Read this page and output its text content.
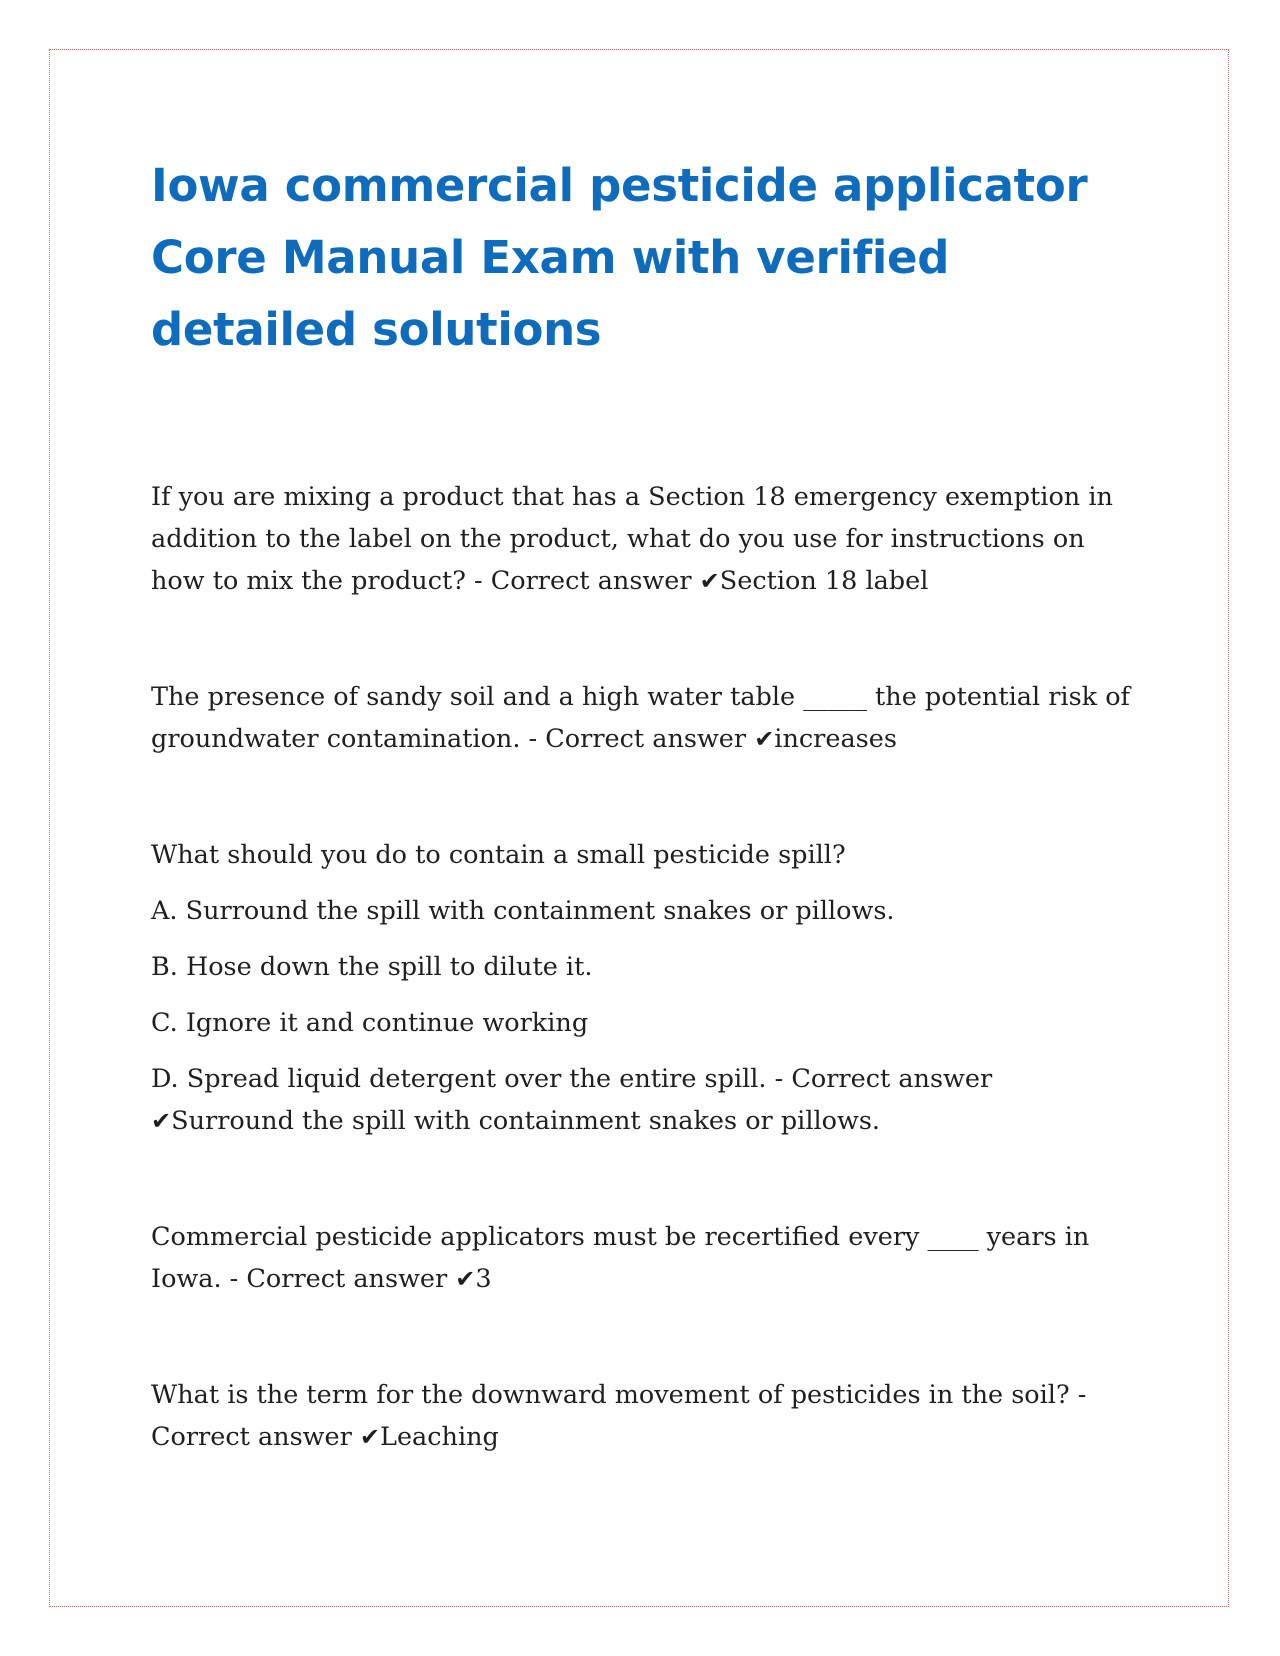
Iowa commercial pesticide applicator Core Manual Exam with verified detailed solutions

If you are mixing a product that has a Section 18 emergency exemption in addition to the label on the product, what do you use for instructions on how to mix the product? - Correct answer ✔Section 18 label

The presence of sandy soil and a high water table _____ the potential risk of groundwater contamination. - Correct answer ✔increases

What should you do to contain a small pesticide spill?

A. Surround the spill with containment snakes or pillows.

B. Hose down the spill to dilute it.

C. Ignore it and continue working

D. Spread liquid detergent over the entire spill. - Correct answer ✔Surround the spill with containment snakes or pillows.

Commercial pesticide applicators must be recertified every ____ years in Iowa. - Correct answer ✔3

What is the term for the downward movement of pesticides in the soil? - Correct answer ✔Leaching
